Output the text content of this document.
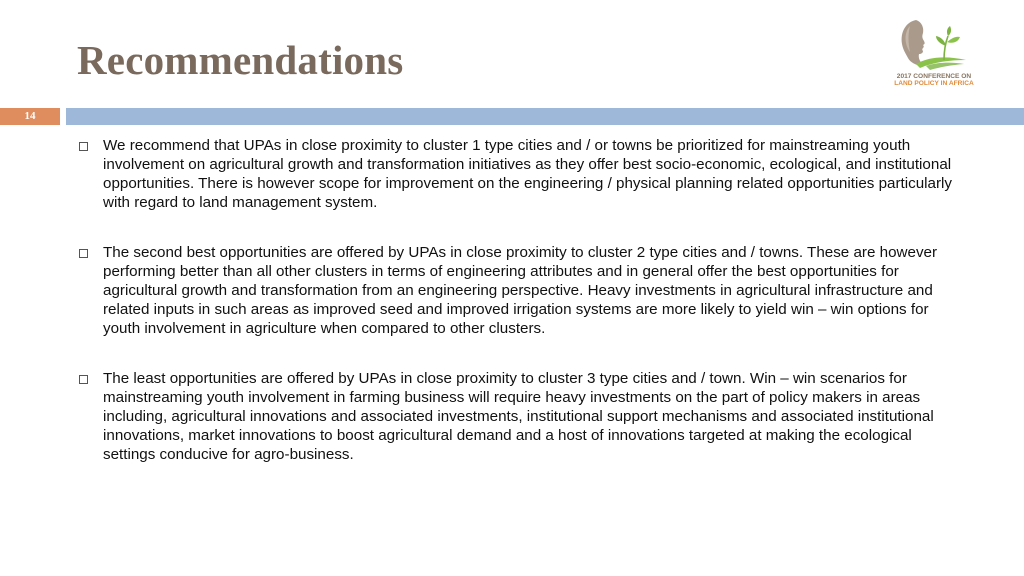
Recommendations	2017 CONFERENCE ON
LAND POLICY IN AFRICA
14
We recommend that UPAs in close proximity to cluster 1 type cities and / or towns be prioritized for mainstreaming youth involvement on agricultural growth and transformation initiatives as they offer best socio-economic, ecological, and institutional opportunities. There is however scope for improvement on the engineering / physical planning related opportunities particularly with regard to land management system.
The second best opportunities are offered by UPAs in close proximity to cluster 2 type cities and / towns. These are however performing better than all other clusters in terms of engineering attributes and in general offer the best opportunities for agricultural growth and transformation from an engineering perspective. Heavy investments in agricultural infrastructure and related inputs in such areas as improved seed and improved irrigation systems are more likely to yield win – win options for youth involvement in agriculture when compared to other clusters.
The least opportunities are offered by UPAs in close proximity to cluster 3 type cities and / town. Win – win scenarios for mainstreaming youth involvement in farming business will require heavy investments on the part of policy makers in areas including, agricultural innovations and associated investments, institutional support mechanisms and associated institutional innovations, market innovations to boost agricultural demand and a host of innovations targeted at making the ecological settings conducive for agro-business.
